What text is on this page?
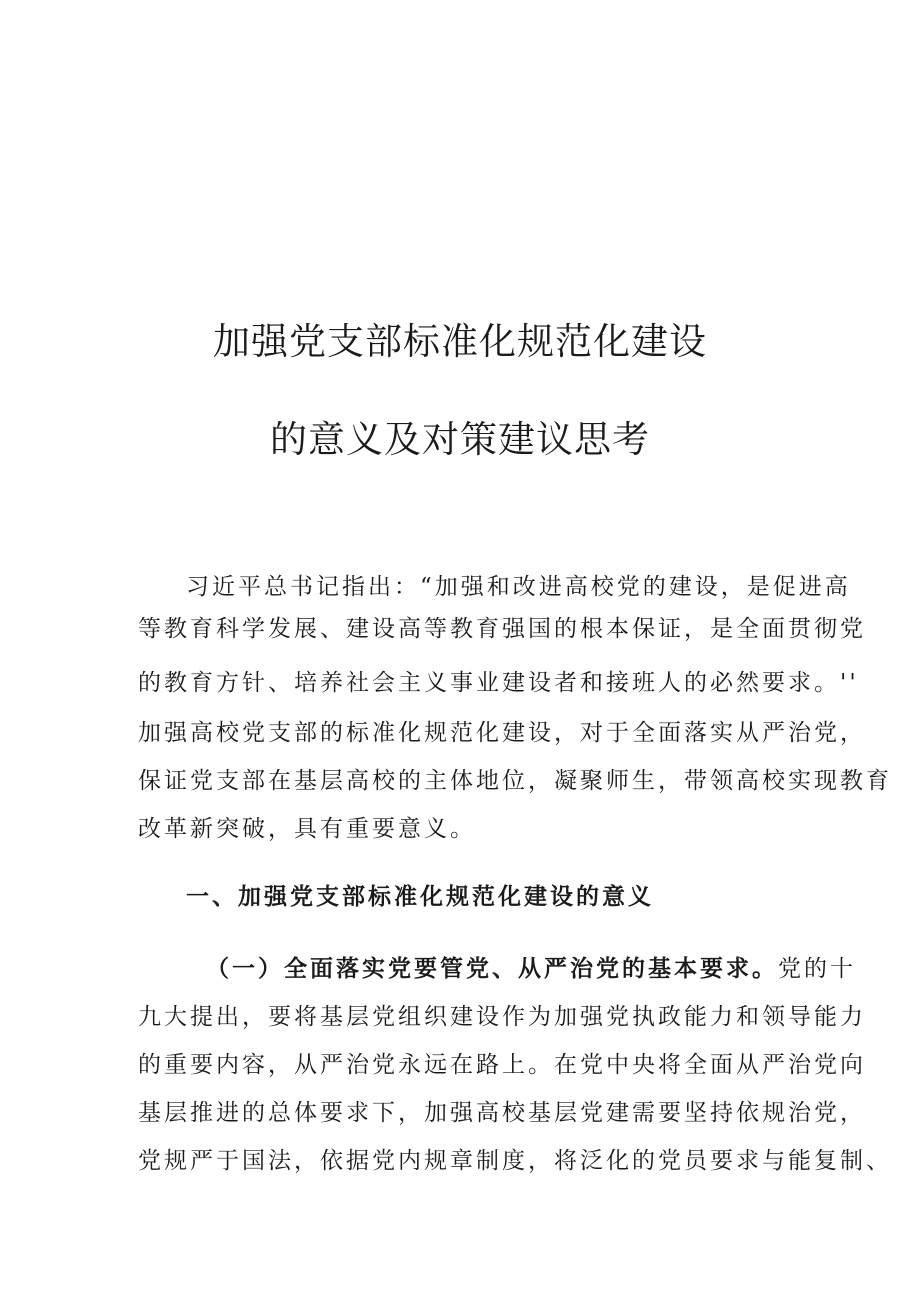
加强党支部标准化规范化建设
的意义及对策建议思考

习近平总书记指出：“加强和改进高校党的建设，是促进高

等教育科学发展、建设高等教育强国的根本保证，是全面贯彻党

的教育方针、培养社会主义事业建设者和接班人的必然要求。''

加强高校党支部的标准化规范化建设，对于全面落实从严治党，

保证党支部在基层高校的主体地位，凝聚师生，带领高校实现教育

改革新突破，具有重要意义。

一、加强党支部标准化规范化建设的意义

（一）全面落实党要管党、从严治党的基本要求。党的十

九大提出，要将基层党组织建设作为加强党执政能力和领导能力

的重要内容，从严治党永远在路上。在党中央将全面从严治党向

基层推进的总体要求下，加强高校基层党建需要坚持依规治党，

党规严于国法，依据党内规章制度，将泛化的党员要求与能复制、
